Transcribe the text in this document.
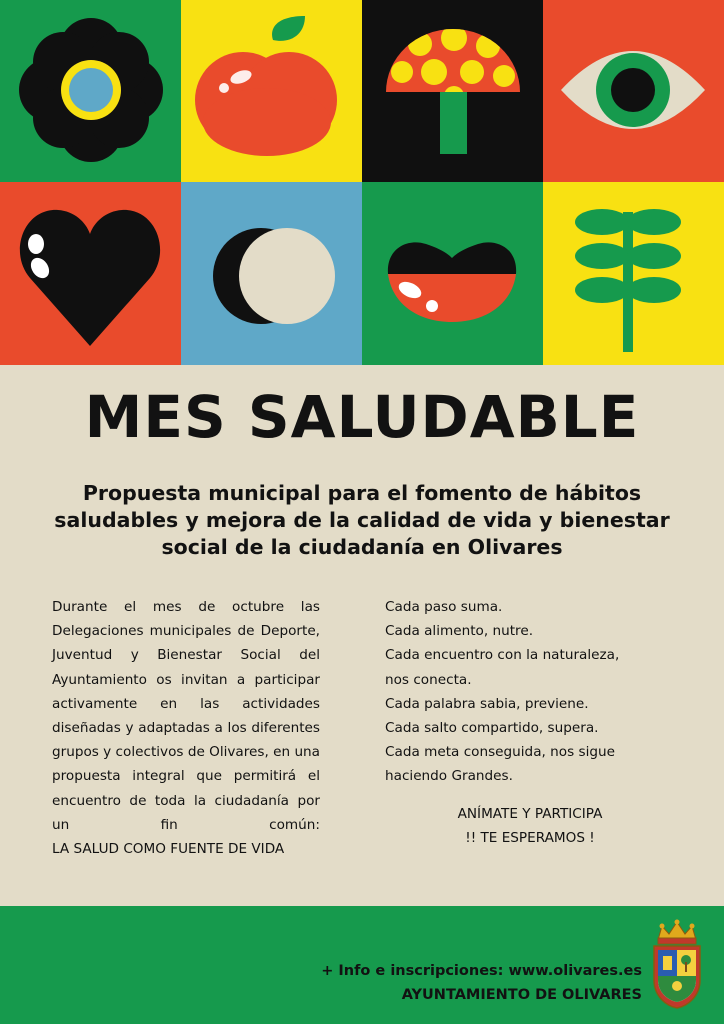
MES SALUDABLE

Propuesta municipal para el fomento de hábitos saludables y mejora de la calidad de vida y bienestar social de la ciudadanía en Olivares

Durante el mes de octubre las Delegaciones municipales de Deporte, Juventud y Bienestar Social del Ayuntamiento os invitan a participar activamente en las actividades diseñadas y adaptadas a los diferentes grupos y colectivos de Olivares, en una propuesta integral que permitirá el encuentro de toda la ciudadanía por un fin común:

LA SALUD COMO FUENTE DE VIDA

Cada paso suma.

Cada alimento, nutre.

Cada encuentro con la naturaleza,

nos conecta.

Cada palabra sabia, previene.

Cada salto compartido, supera.

Cada meta conseguida, nos sigue

haciendo Grandes.

ANÍMATE Y PARTICIPA
!! TE ESPERAMOS !
+ Info e inscripciones: www.olivares.es
AYUNTAMIENTO DE OLIVARES
